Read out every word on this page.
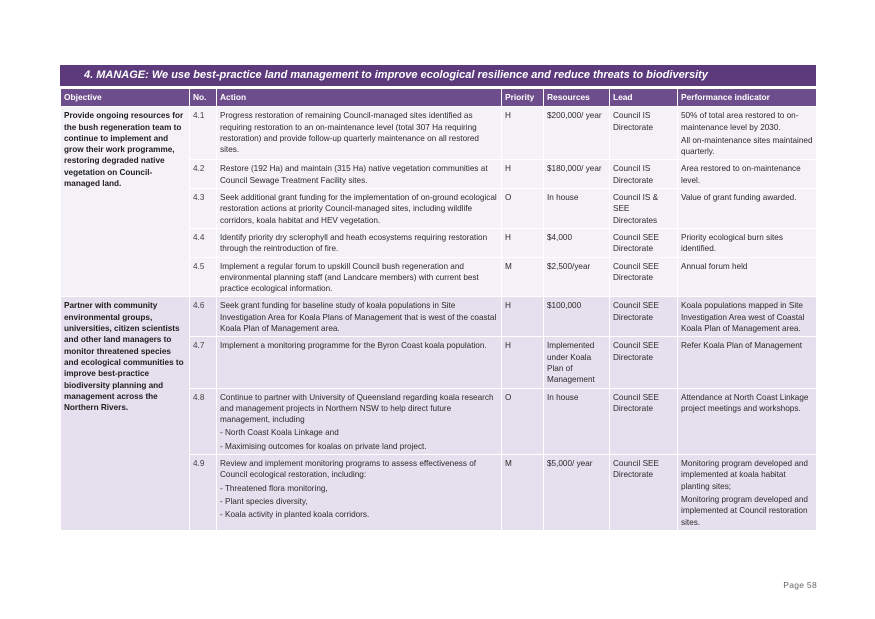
4. MANAGE: We use best-practice land management to improve ecological resilience and reduce threats to biodiversity
Objective	No.	Action	Priority	Resources	Lead	Performance indicator
Provide ongoing resources for the bush regeneration team to continue to implement and grow their work programme, restoring degraded native vegetation on Council-managed land.	4.1	Progress restoration of remaining Council-managed sites identified as requiring restoration to an on-maintenance level (total 307 Ha requiring restoration) and provide follow-up quarterly maintenance on all restored sites.	H	$200,000/ year	Council IS Directorate	50% of total area restored to on-maintenance level by 2030.
All on-maintenance sites maintained quarterly.

	4.2	Restore (192 Ha) and maintain (315 Ha) native vegetation communities at Council Sewage Treatment Facility sites.	H	$180,000/ year	Council IS Directorate	Area restored to on-maintenance level.
	4.3	Seek additional grant funding for the implementation of on-ground ecological restoration actions at priority Council-managed sites, including wildlife corridors, koala habitat and HEV vegetation.	O	In house	Council IS & SEE Directorates	Value of grant funding awarded.
	4.4	Identify priority dry sclerophyll and heath ecosystems requiring restoration through the reintroduction of fire.	H	$4,000	Council SEE Directorate	Priority ecological burn sites identified.
	4.5	Implement a regular forum to upskill Council bush regeneration and environmental planning staff (and Landcare members) with current best practice ecological information.	M	$2,500/year	Council SEE Directorate	Annual forum held
Partner with community environmental groups, universities, citizen scientists and other land managers to monitor threatened species and ecological communities to improve best-practice biodiversity planning and management across the Northern Rivers.	4.6	Seek grant funding for baseline study of koala populations in Site Investigation Area for Koala Plans of Management that is west of the coastal Koala Plan of Management area.	H	$100,000	Council SEE Directorate	Koala populations mapped in Site Investigation Area west of Coastal Koala Plan of Management area.
	4.7	Implement a monitoring programme for the Byron Coast koala population.	H	Implemented under Koala Plan of Management	Council SEE Directorate	Refer Koala Plan of Management
	4.8	Continue to partner with University of Queensland regarding koala research and management projects in Northern NSW to help direct future management, including
- North Coast Koala Linkage and
- Maximising outcomes for koalas on private land project.	O	In house	Council SEE Directorate	Attendance at North Coast Linkage project meetings and workshops.
	4.9	Review and implement monitoring programs to assess effectiveness of Council ecological restoration, including:
- Threatened flora monitoring,
- Plant species diversity,
- Koala activity in planted koala corridors.	M	$5,000/ year	Council SEE Directorate	Monitoring program developed and implemented at koala habitat planting sites;
Monitoring program developed and implemented at Council restoration sites.
Page 58
